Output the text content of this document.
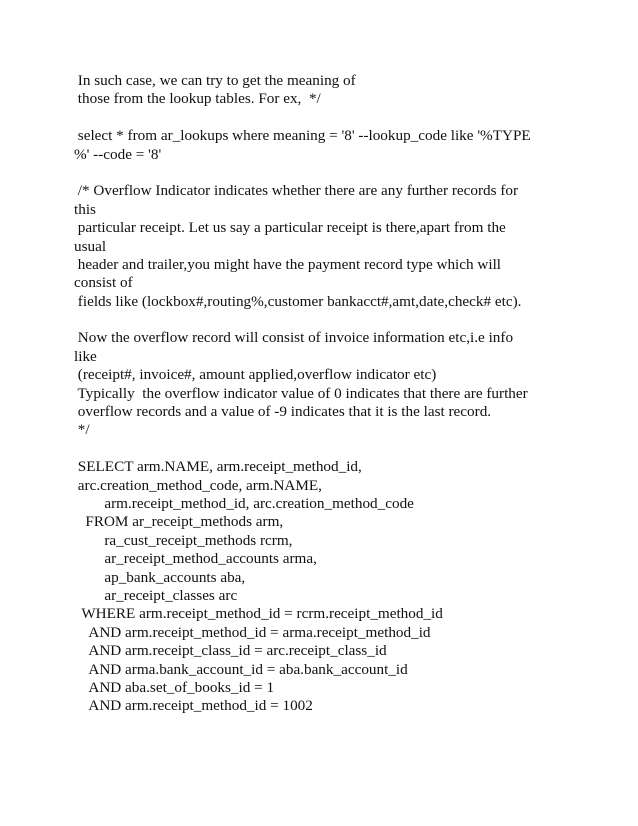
In such case, we can try to get the meaning of
those from the lookup tables. For ex,  */
select * from ar_lookups where meaning = '8' --lookup_code like '%TYPE
%' --code = '8'
/* Overflow Indicator indicates whether there are any further records for
this
particular receipt. Let us say a particular receipt is there,apart from the
usual
header and trailer,you might have the payment record type which will
consist of
fields like (lockbox#,routing%,customer bankacct#,amt,date,check# etc).
Now the overflow record will consist of invoice information etc,i.e info
like
(receipt#, invoice#, amount applied,overflow indicator etc)
Typically  the overflow indicator value of 0 indicates that there are further
overflow records and a value of -9 indicates that it is the last record.
*/
SELECT arm.NAME, arm.receipt_method_id,
arc.creation_method_code, arm.NAME,
arm.receipt_method_id, arc.creation_method_code
FROM ar_receipt_methods arm,
ra_cust_receipt_methods rcrm,
ar_receipt_method_accounts arma,
ap_bank_accounts aba,
ar_receipt_classes arc
WHERE arm.receipt_method_id = rcrm.receipt_method_id
AND arm.receipt_method_id = arma.receipt_method_id
AND arm.receipt_class_id = arc.receipt_class_id
AND arma.bank_account_id = aba.bank_account_id
AND aba.set_of_books_id = 1
AND arm.receipt_method_id = 1002
